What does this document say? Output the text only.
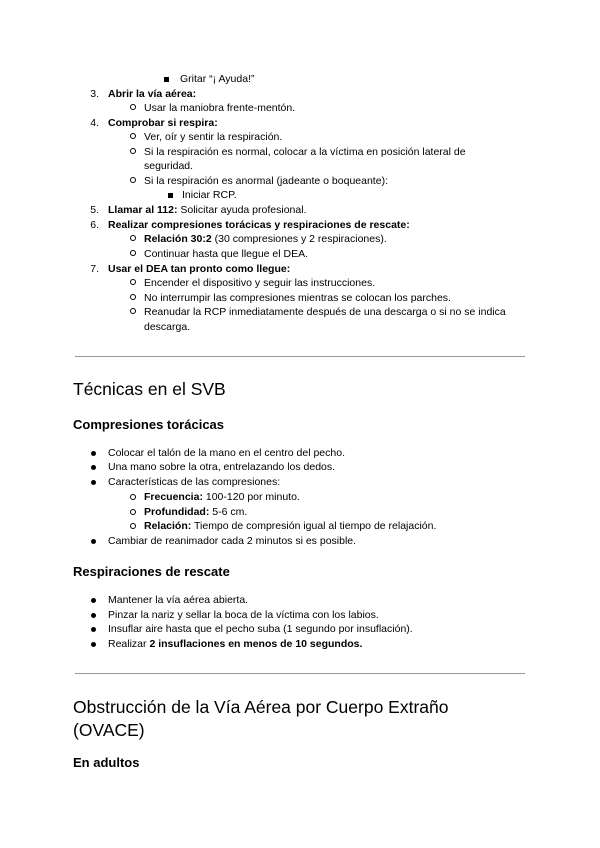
Gritar “¡ Ayuda!”
3. Abrir la vía aérea:
Usar la maniobra frente-mentón.
4. Comprobar si respira:
Ver, oír y sentir la respiración.
Si la respiración es normal, colocar a la víctima en posición lateral de
seguridad.
Si la respiración es anormal (jadeante o boqueante):
Iniciar RCP.
5. Llamar al 112: Solicitar ayuda profesional.
6. Realizar compresiones torácicas y respiraciones de rescate:
Relación 30:2 (30 compresiones y 2 respiraciones).
Continuar hasta que llegue el DEA.
7. Usar el DEA tan pronto como llegue:
Encender el dispositivo y seguir las instrucciones.
No interrumpir las compresiones mientras se colocan los parches.
Reanudar la RCP inmediatamente después de una descarga o si no se indica
descarga.
Técnicas en el SVB
Compresiones torácicas
Colocar el talón de la mano en el centro del pecho.
Una mano sobre la otra, entrelazando los dedos.
Características de las compresiones:
Frecuencia: 100-120 por minuto.
Profundidad: 5-6 cm.
Relación: Tiempo de compresión igual al tiempo de relajación.
Cambiar de reanimador cada 2 minutos si es posible.
Respiraciones de rescate
Mantener la vía aérea abierta.
Pinzar la nariz y sellar la boca de la víctima con los labios.
Insuflar aire hasta que el pecho suba (1 segundo por insuflación).
Realizar 2 insuflaciones en menos de 10 segundos.
Obstrucción de la Vía Aérea por Cuerpo Extraño
(OVACE)
En adultos
